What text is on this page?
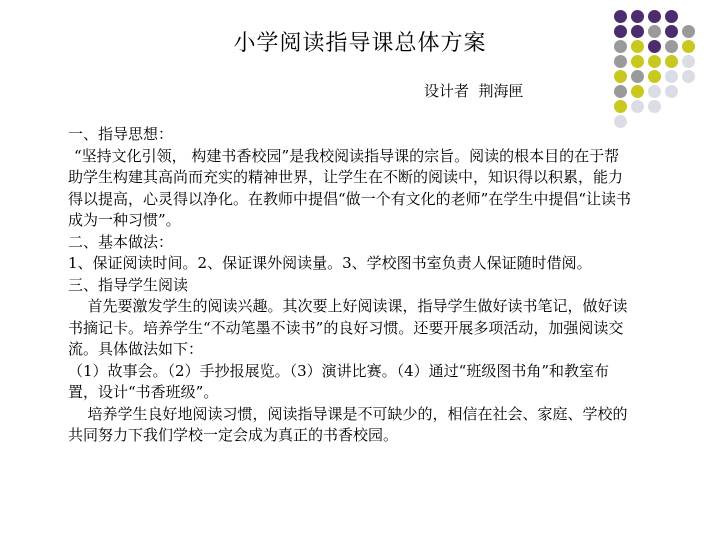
小学阅读指导课总体方案
设计者  荆海匣

一、指导思想：

“坚持文化引领， 构建书香校园”是我校阅读指导课的宗旨。阅读的根本目的在于帮助学生构建其高尚而充实的精神世界，让学生在不断的阅读中，知识得以积累，能力得以提高，心灵得以净化。在教师中提倡“做一个有文化的老师”在学生中提倡“让读书成为一种习惯”。

二、基本做法：

1、保证阅读时间。2、保证课外阅读量。3、学校图书室负责人保证随时借阅。

三、指导学生阅读

首先要激发学生的阅读兴趣。其次要上好阅读课，指导学生做好读书笔记，做好读书摘记卡。培养学生“不动笔墨不读书”的良好习惯。还要开展多项活动，加强阅读交流。具体做法如下：

（1）故事会。（2）手抄报展览。（3）演讲比赛。（4）通过“班级图书角”和教室布置，设计“书香班级”。

培养学生良好地阅读习惯，阅读指导课是不可缺少的，相信在社会、家庭、学校的共同努力下我们学校一定会成为真正的书香校园。
